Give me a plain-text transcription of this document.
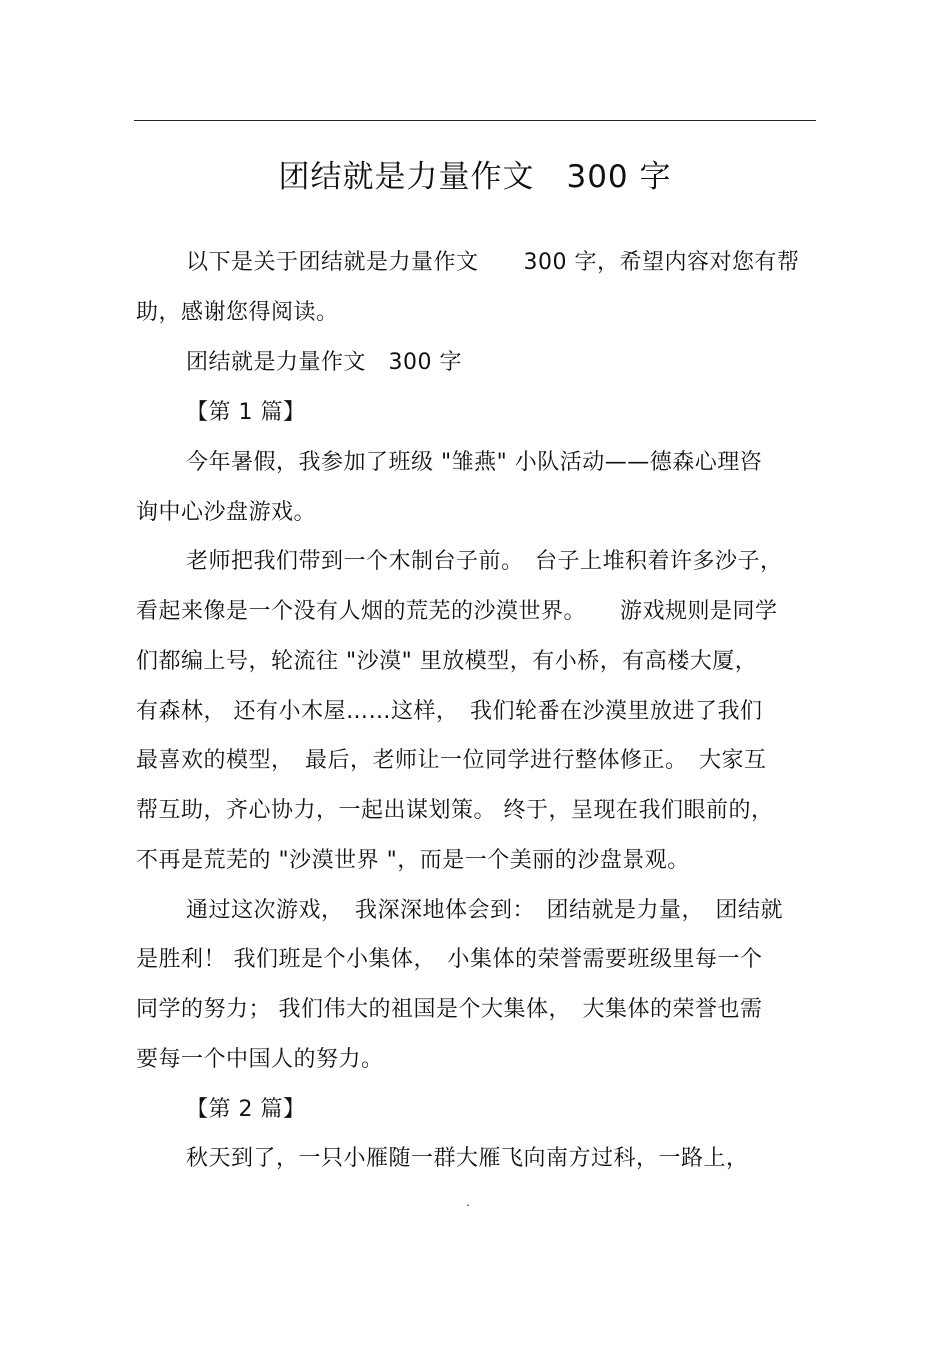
团结就是力量作文　300 字
以下是关于团结就是力量作文　　300 字，希望内容对您有帮
助，感谢您得阅读。
团结就是力量作文　300 字
【第 1 篇】
今年暑假，我参加了班级 "雏燕" 小队活动——德森心理咨
询中心沙盘游戏。
老师把我们带到一个木制台子前。　台子上堆积着许多沙子，
看起来像是一个没有人烟的荒芜的沙漠世界。　　游戏规则是同学
们都编上号，轮流往 "沙漠" 里放模型，有小桥，有高楼大厦，
有森林， 还有小木屋……这样，　我们轮番在沙漠里放进了我们
最喜欢的模型，　最后，老师让一位同学进行整体修正。　大家互
帮互助，齐心协力，一起出谋划策。 终于，呈现在我们眼前的，
不再是荒芜的 "沙漠世界 "，而是一个美丽的沙盘景观。
通过这次游戏，　我深深地体会到：　团结就是力量，　团结就
是胜利！ 我们班是个小集体，　小集体的荣誉需要班级里每一个
同学的努力； 我们伟大的祖国是个大集体，　大集体的荣誉也需
要每一个中国人的努力。
【第 2 篇】
秋天到了，一只小雁随一群大雁飞向南方过科，一路上，
.
